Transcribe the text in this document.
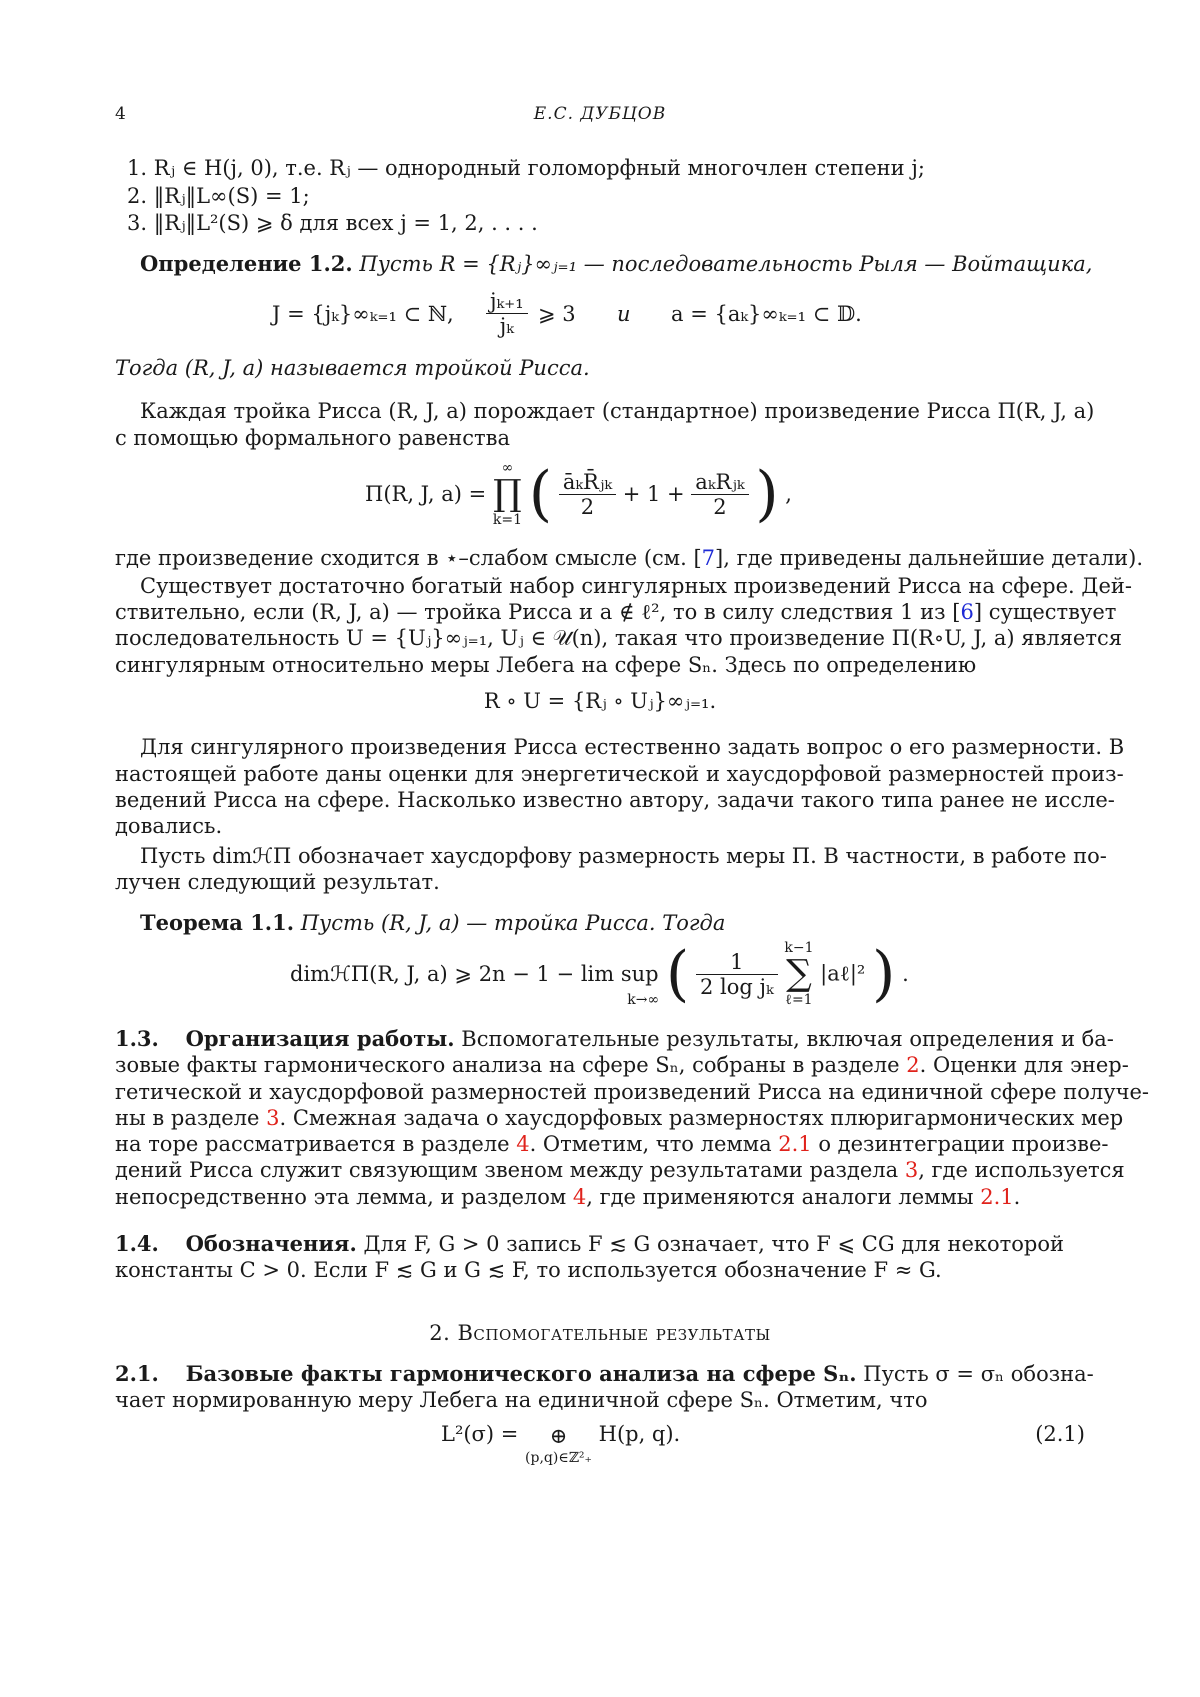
4	Е.С. ДУБЦОВ
1. Rⱼ ∈ H(j, 0), т.е. Rⱼ — однородный голоморфный многочлен степени j;
2. ‖Rⱼ‖L∞(S) = 1;
3. ‖Rⱼ‖L²(S) ⩾ δ для всех j = 1, 2, . . . .
Определение 1.2. Пусть R = {Rⱼ}∞ⱼ₌₁ — последовательность Рыля — Войтащика,
J = {jₖ}∞ₖ₌₁ ⊂ ℕ, $\frac{\text{jₖ₊₁}}{\text{jₖ}}$ ⩾ 3 и a = {aₖ}∞ₖ₌₁ ⊂ 𝔻.
Тогда (R, J, a) называется тройкой Рисса.
Каждая тройка Рисса (R, J, a) порождает (стандартное) произведение Рисса Π(R, J, a)
с помощью формального равенства
Π(R, J, a) =
∞
∏
k=1 ( $\frac{\text{āₖR̄ⱼₖ}}{2} + 1 + \frac{\text{aₖRⱼₖ}}{2}$ ) ,
где произведение сходится в ⋆–слабом смысле (см. [7], где приведены дальнейшие детали).
Существует достаточно богатый набор сингулярных произведений Рисса на сфере. Дей-
ствительно, если (R, J, a) — тройка Рисса и a ∉ ℓ², то в силу следствия 1 из [6] существует
последовательность U = {Uⱼ}∞ⱼ₌₁, Uⱼ ∈ 𝒰(n), такая что произведение Π(R∘U, J, a) является
сингулярным относительно меры Лебега на сфере Sₙ. Здесь по определению
R ∘ U = {Rⱼ ∘ Uⱼ}∞ⱼ₌₁.
Для сингулярного произведения Рисса естественно задать вопрос о его размерности. В
настоящей работе даны оценки для энергетической и хаусдорфовой размерностей произ-
ведений Рисса на сфере. Насколько известно автору, задачи такого типа ранее не иссле-
довались.
Пусть dimℋΠ обозначает хаусдорфову размерность меры Π. В частности, в работе по-
лучен следующий результат.
Теорема 1.1. Пусть (R, J, a) — тройка Рисса. Тогда
dimℋΠ(R, J, a) ⩾ 2n − 1 − lim sup
k→∞ ( $\frac{1}{\text{2 log jₖ}}$

k−1
∑
ℓ=1
|aℓ|² ) .
1.3. Организация работы. Вспомогательные результаты, включая определения и ба-
зовые факты гармонического анализа на сфере Sₙ, собраны в разделе 2. Оценки для энер-
гетической и хаусдорфовой размерностей произведений Рисса на единичной сфере получе-
ны в разделе 3. Смежная задача о хаусдорфовых размерностях плюригармонических мер
на торе рассматривается в разделе 4. Отметим, что лемма 2.1 о дезинтеграции произве-
дений Рисса служит связующим звеном между результатами раздела 3, где используется
непосредственно эта лемма, и разделом 4, где применяются аналоги леммы 2.1.
1.4. Обозначения. Для F, G > 0 запись F ≲ G означает, что F ⩽ CG для некоторой
константы C > 0. Если F ≲ G и G ≲ F, то используется обозначение F ≈ G.
2. Вспомогательные результаты
2.1. Базовые факты гармонического анализа на сфере Sₙ. Пусть σ = σₙ обозна-
чает нормированную меру Лебега на единичной сфере Sₙ. Отметим, что
L²(σ) =	⊕
(p,q)∈ℤ²₊
H(p, q).	(2.1)
